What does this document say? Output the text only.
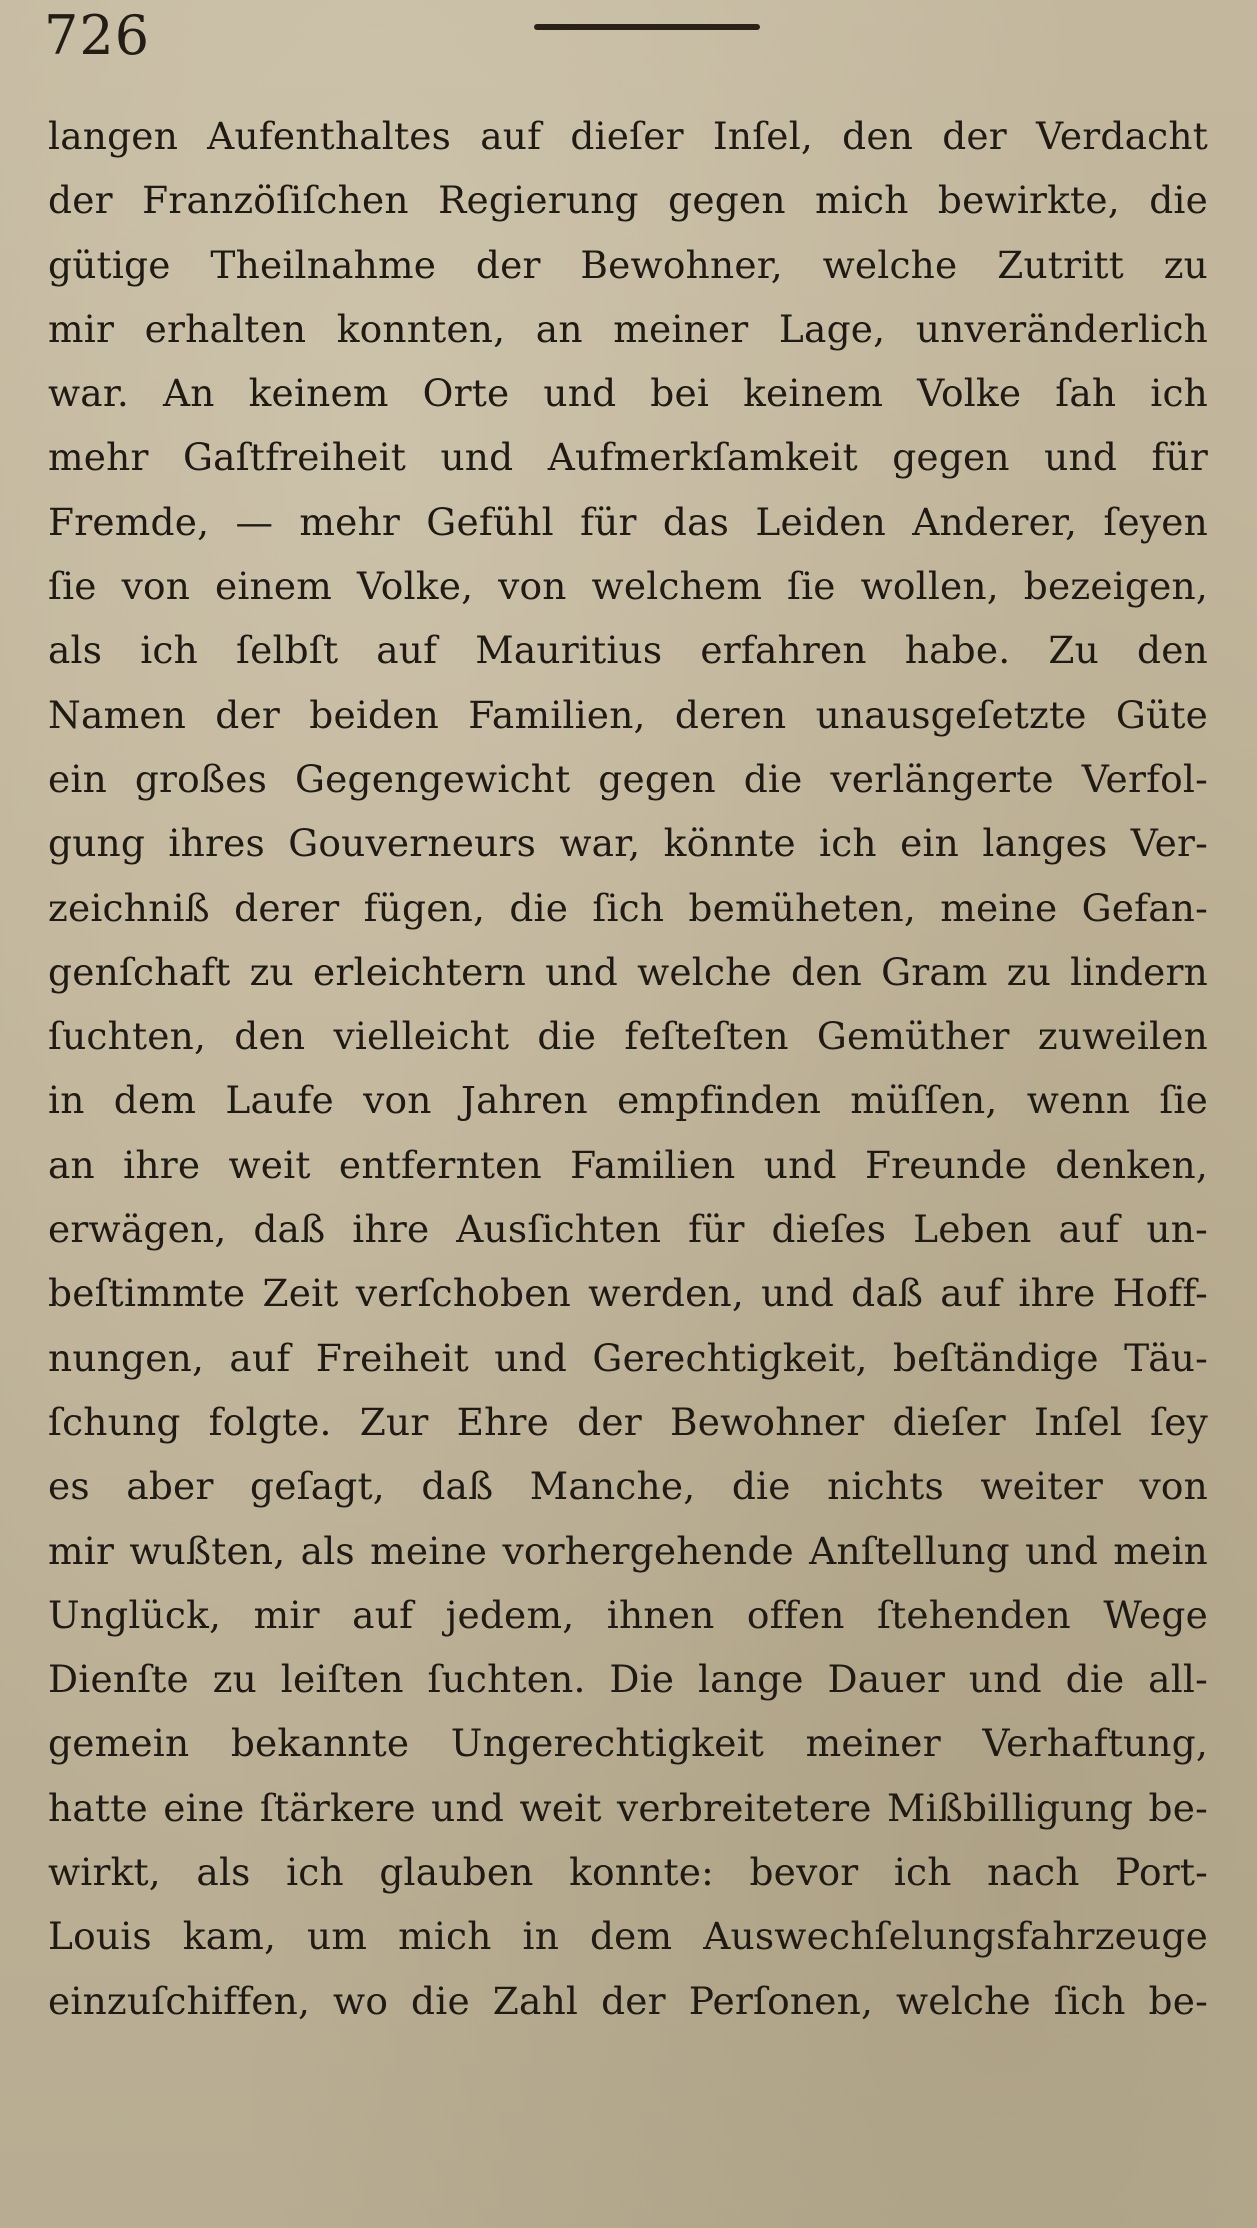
726
langen Aufenthaltes auf dieſer Inſel, den der Verdacht
der Franzöſiſchen Regierung gegen mich bewirkte, die
gütige Theilnahme der Bewohner, welche Zutritt zu
mir erhalten konnten, an meiner Lage, unveränderlich
war. An keinem Orte und bei keinem Volke ſah ich
mehr Gaſtfreiheit und Aufmerkſamkeit gegen und für
Fremde, — mehr Gefühl für das Leiden Anderer, ſeyen
ſie von einem Volke, von welchem ſie wollen, bezeigen,
als ich ſelbſt auf Mauritius erfahren habe. Zu den
Namen der beiden Familien, deren unausgeſetzte Güte
ein großes Gegengewicht gegen die verlängerte Verfol-
gung ihres Gouverneurs war, könnte ich ein langes Ver-
zeichniß derer fügen, die ſich bemüheten, meine Gefan-
genſchaft zu erleichtern und welche den Gram zu lindern
ſuchten, den vielleicht die feſteſten Gemüther zuweilen
in dem Laufe von Jahren empfinden müſſen, wenn ſie
an ihre weit entfernten Familien und Freunde denken,
erwägen, daß ihre Ausſichten für dieſes Leben auf un-
beſtimmte Zeit verſchoben werden, und daß auf ihre Hoff-
nungen, auf Freiheit und Gerechtigkeit, beſtändige Täu-
ſchung folgte. Zur Ehre der Bewohner dieſer Inſel ſey
es aber geſagt, daß Manche, die nichts weiter von
mir wußten, als meine vorhergehende Anſtellung und mein
Unglück, mir auf jedem, ihnen offen ſtehenden Wege
Dienſte zu leiſten ſuchten. Die lange Dauer und die all-
gemein bekannte Ungerechtigkeit meiner Verhaftung,
hatte eine ſtärkere und weit verbreitetere Mißbilligung be-
wirkt, als ich glauben konnte: bevor ich nach Port-
Louis kam, um mich in dem Auswechſelungsfahrzeuge
einzuſchiffen, wo die Zahl der Perſonen, welche ſich be-
